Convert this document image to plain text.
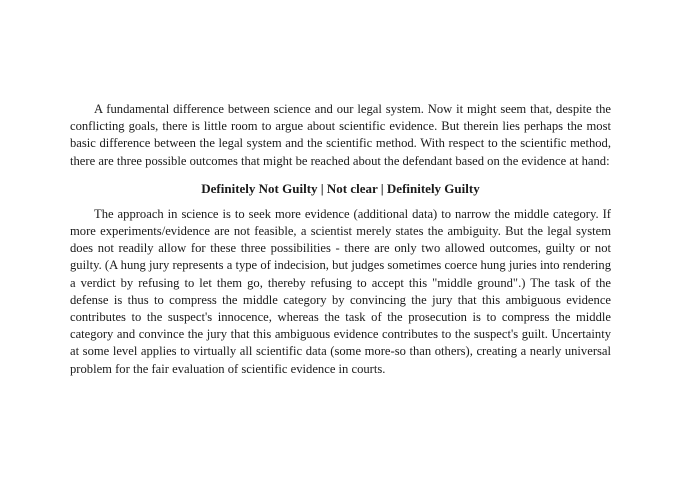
A fundamental difference between science and our legal system. Now it might seem that, despite the conflicting goals, there is little room to argue about scientific evidence. But therein lies perhaps the most basic difference between the legal system and the scientific method. With respect to the scientific method, there are three possible outcomes that might be reached about the defendant based on the evidence at hand:

Definitely Not Guilty | Not clear | Definitely Guilty

The approach in science is to seek more evidence (additional data) to narrow the middle category. If more experiments/evidence are not feasible, a scientist merely states the ambiguity. But the legal system does not readily allow for these three possibilities - there are only two allowed outcomes, guilty or not guilty. (A hung jury represents a type of indecision, but judges sometimes coerce hung juries into rendering a verdict by refusing to let them go, thereby refusing to accept this "middle ground".) The task of the defense is thus to compress the middle category by convincing the jury that this ambiguous evidence contributes to the suspect's innocence, whereas the task of the prosecution is to compress the middle category and convince the jury that this ambiguous evidence contributes to the suspect's guilt. Uncertainty at some level applies to virtually all scientific data (some more-so than others), creating a nearly universal problem for the fair evaluation of scientific evidence in courts.
